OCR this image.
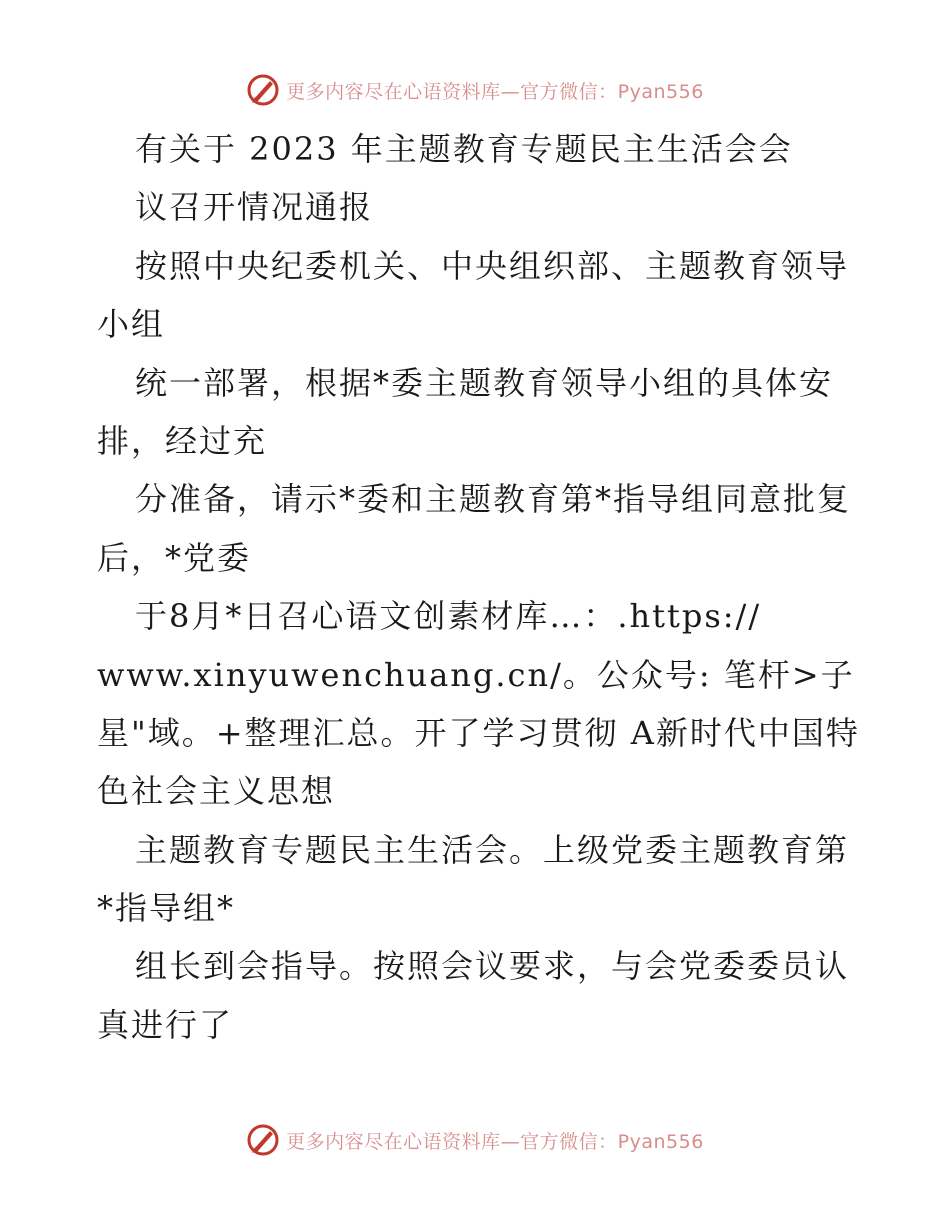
更多内容尽在心语资料库—官方微信：Pyan556
有关于 2023 年主题教育专题民主生活会会
议召开情况通报
按照中央纪委机关、中央组织部、主题教育领导
小组
统一部署，根据*委主题教育领导小组的具体安
排，经过充
分准备，请示*委和主题教育第*指导组同意批复
后，*党委
于8月*日召心语文创素材库…：.https://
www.xinyuwenchuang.cn/。公众号: 笔杆>子
星"域。+整理汇总。开了学习贯彻 A新时代中国特
色社会主义思想
主题教育专题民主生活会。上级党委主题教育第
*指导组*
组长到会指导。按照会议要求，与会党委委员认
真进行了
更多内容尽在心语资料库—官方微信：Pyan556
